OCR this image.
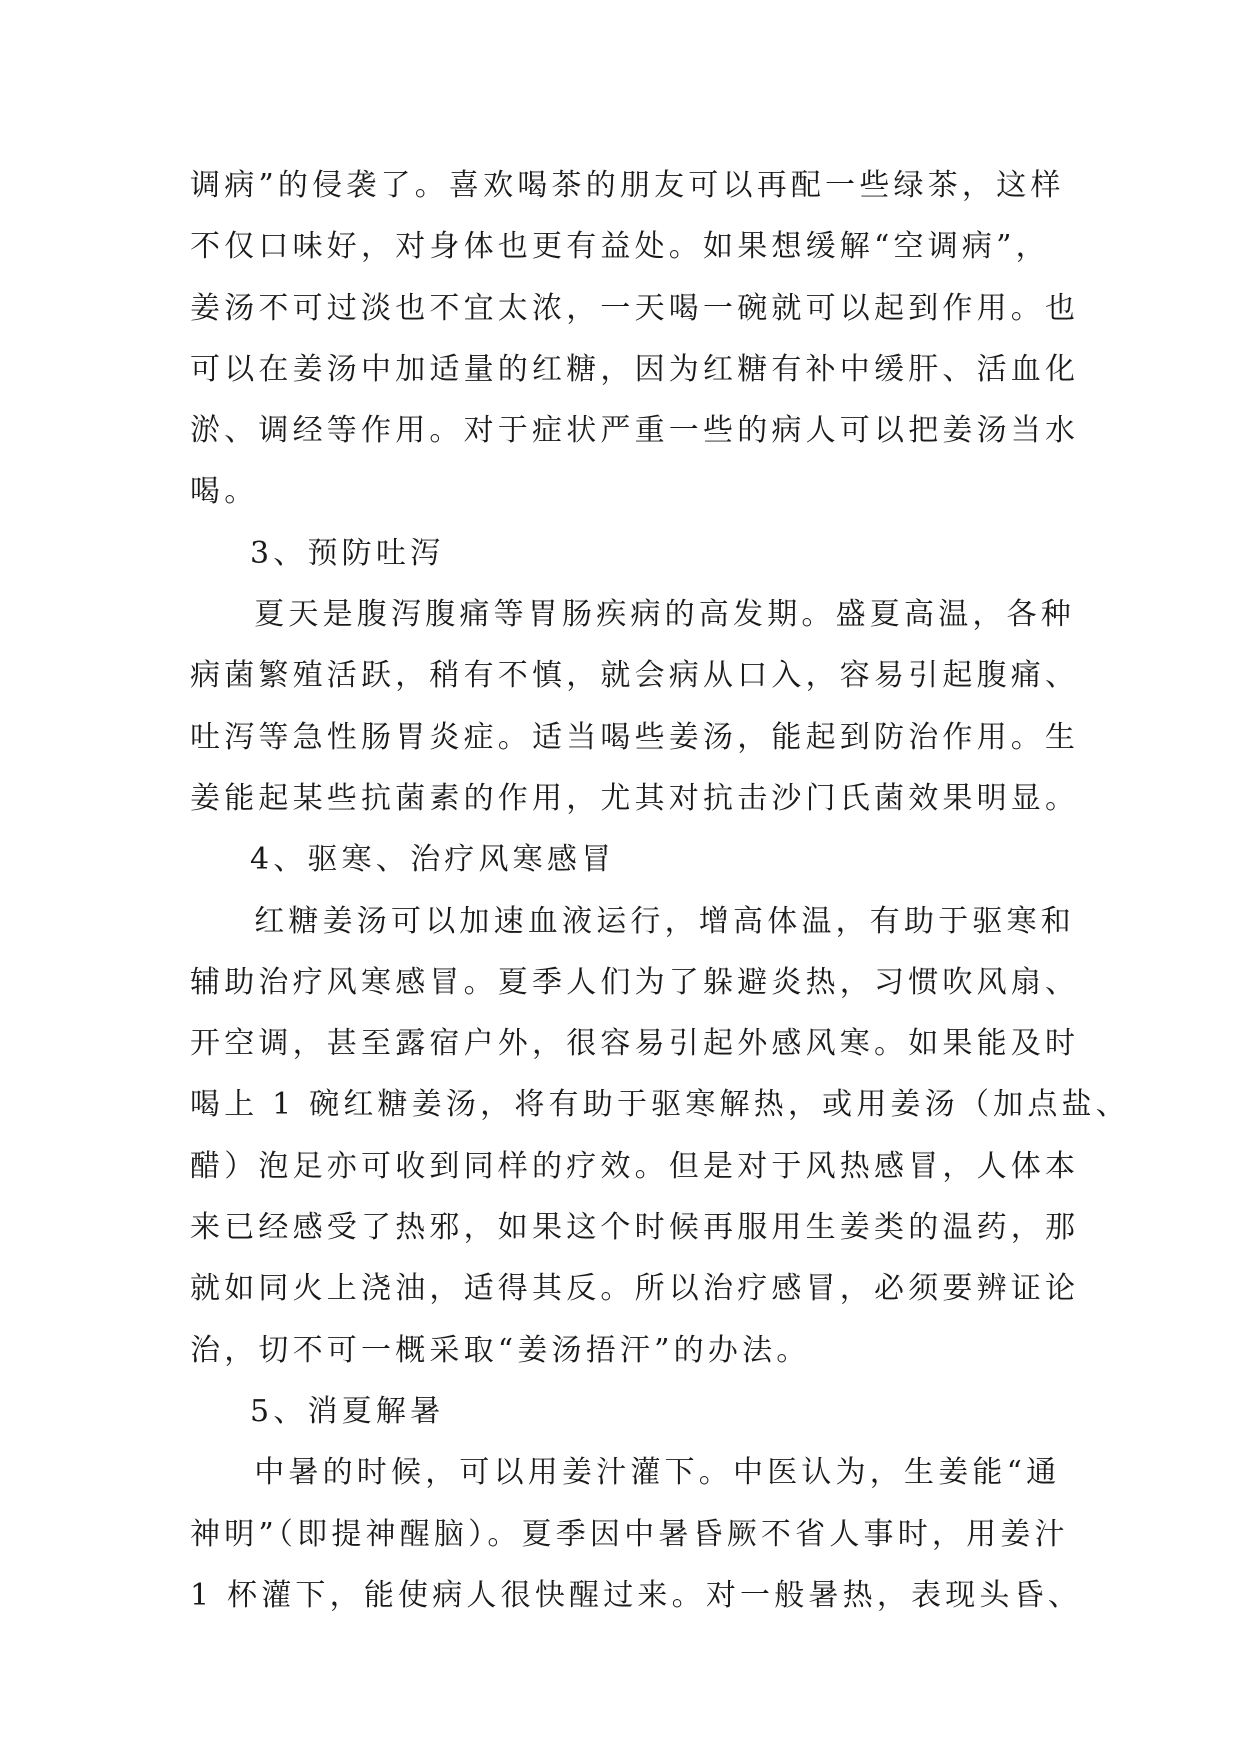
调病”的侵袭了。喜欢喝茶的朋友可以再配一些绿茶，这样
不仅口味好，对身体也更有益处。如果想缓解“空调病”，
姜汤不可过淡也不宜太浓，一天喝一碗就可以起到作用。也
可以在姜汤中加适量的红糖，因为红糖有补中缓肝、活血化
淤、调经等作用。对于症状严重一些的病人可以把姜汤当水
喝。
3、预防吐泻
　夏天是腹泻腹痛等胃肠疾病的高发期。盛夏高温，各种
病菌繁殖活跃，稍有不慎，就会病从口入，容易引起腹痛、
吐泻等急性肠胃炎症。适当喝些姜汤，能起到防治作用。生
姜能起某些抗菌素的作用，尤其对抗击沙门氏菌效果明显。
4、驱寒、治疗风寒感冒
　红糖姜汤可以加速血液运行，增高体温，有助于驱寒和
辅助治疗风寒感冒。夏季人们为了躲避炎热，习惯吹风扇、
开空调，甚至露宿户外，很容易引起外感风寒。如果能及时
喝上 1 碗红糖姜汤，将有助于驱寒解热，或用姜汤（加点盐、
醋）泡足亦可收到同样的疗效。但是对于风热感冒，人体本
来已经感受了热邪，如果这个时候再服用生姜类的温药，那
就如同火上浇油，适得其反。所以治疗感冒，必须要辨证论
治，切不可一概采取“姜汤捂汗”的办法。
5、消夏解暑
　中暑的时候，可以用姜汁灌下。中医认为，生姜能“通
神明”（即提神醒脑）。夏季因中暑昏厥不省人事时，用姜汁
1 杯灌下，能使病人很快醒过来。对一般暑热，表现头昏、
